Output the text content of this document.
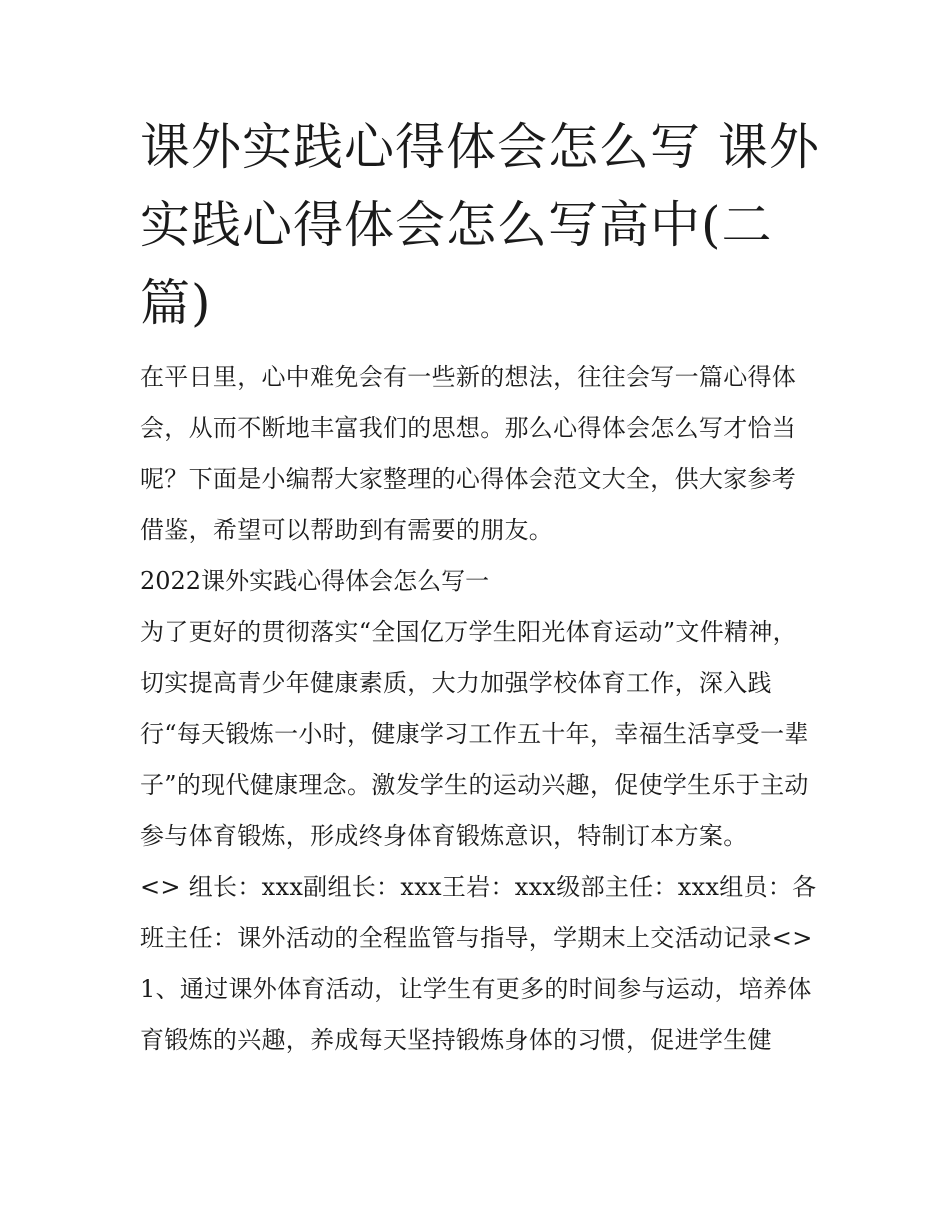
课外实践心得体会怎么写 课外实践心得体会怎么写高中(二篇)

在平日里，心中难免会有一些新的想法，往往会写一篇心得体会，从而不断地丰富我们的思想。那么心得体会怎么写才恰当呢？下面是小编帮大家整理的心得体会范文大全，供大家参考借鉴，希望可以帮助到有需要的朋友。

2022课外实践心得体会怎么写一

为了更好的贯彻落实“全国亿万学生阳光体育运动”文件精神，切实提高青少年健康素质，大力加强学校体育工作，深入践行“每天锻炼一小时，健康学习工作五十年，幸福生活享受一辈子”的现代健康理念。激发学生的运动兴趣，促使学生乐于主动参与体育锻炼，形成终身体育锻炼意识，特制订本方案。

<> 组长：xxx副组长：xxx王岩：xxx级部主任：xxx组员：各班主任：课外活动的全程监管与指导，学期末上交活动记录<>

1、通过课外体育活动，让学生有更多的时间参与运动，培养体育锻炼的兴趣，养成每天坚持锻炼身体的习惯，促进学生健
